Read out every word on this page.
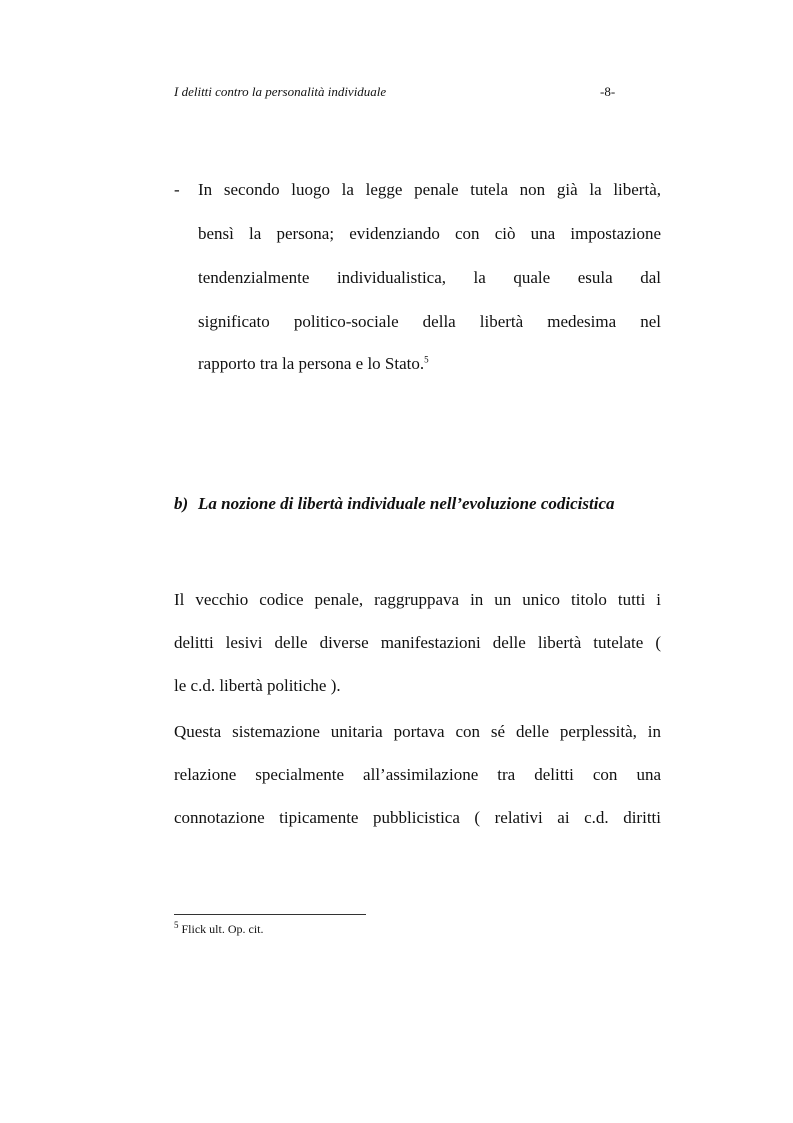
I delitti contro la personalità individuale	-8-
- In secondo luogo la legge penale tutela non già la libertà,
bensì la persona; evidenziando con ciò una impostazione
tendenzialmente individualistica, la quale esula dal
significato politico-sociale della libertà medesima nel
rapporto tra la persona e lo Stato.$^5$
b) La nozione di libertà individuale nell’evoluzione codicistica
Il vecchio codice penale, raggruppava in un unico titolo tutti i
delitti lesivi delle diverse manifestazioni delle libertà tutelate (
le c.d. libertà politiche ).
Questa sistemazione unitaria portava con sé delle perplessità, in
relazione specialmente all’assimilazione tra delitti con una
connotazione tipicamente pubblicistica ( relativi ai c.d. diritti
$^5$ Flick ult. Op. cit.
